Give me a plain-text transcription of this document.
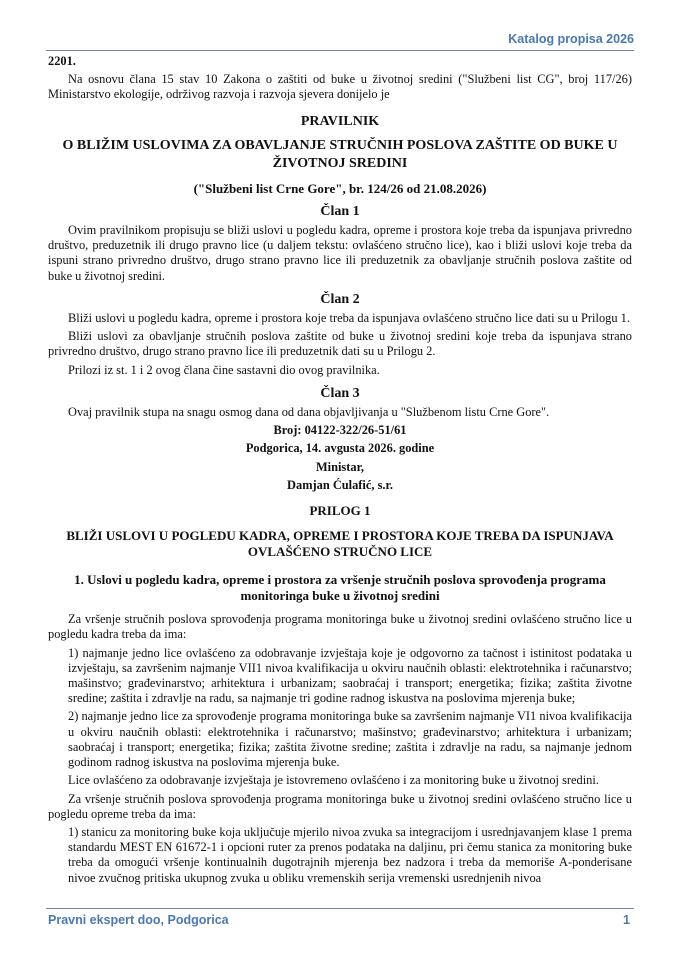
Katalog propisa 2026

2201.

Na osnovu člana 15 stav 10 Zakona o zaštiti od buke u životnoj sredini ("Službeni list CG", broj 117/26) Ministarstvo ekologije, održivog razvoja i razvoja sjevera donijelo je

PRAVILNIK

O BLIŽIM USLOVIMA ZA OBAVLJANJE STRUČNIH POSLOVA ZAŠTITE OD BUKE U ŽIVOTNOJ SREDINI

("Službeni list Crne Gore", br. 124/26 od 21.08.2026)

Član 1

Ovim pravilnikom propisuju se bliži uslovi u pogledu kadra, opreme i prostora koje treba da ispunjava privredno društvo, preduzetnik ili drugo pravno lice (u daljem tekstu: ovlašćeno stručno lice), kao i bliži uslovi koje treba da ispuni strano privredno društvo, drugo strano pravno lice ili preduzetnik za obavljanje stručnih poslova zaštite od buke u životnoj sredini.

Član 2

Bliži uslovi u pogledu kadra, opreme i prostora koje treba da ispunjava ovlašćeno stručno lice dati su u Prilogu 1.

Bliži uslovi za obavljanje stručnih poslova zaštite od buke u životnoj sredini koje treba da ispunjava strano privredno društvo, drugo strano pravno lice ili preduzetnik dati su u Prilogu 2.

Prilozi iz st. 1 i 2 ovog člana čine sastavni dio ovog pravilnika.

Član 3

Ovaj pravilnik stupa na snagu osmog dana od dana objavljivanja u "Službenom listu Crne Gore".

Broj: 04122-322/26-51/61

Podgorica, 14. avgusta 2026. godine

Ministar,

Damjan Ćulafić, s.r.

PRILOG 1

BLIŽI USLOVI U POGLEDU KADRA, OPREME I PROSTORA KOJE TREBA DA ISPUNJAVA OVLAŠĆENO STRUČNO LICE

1. Uslovi u pogledu kadra, opreme i prostora za vršenje stručnih poslova sprovođenja programa monitoringa buke u životnoj sredini

Za vršenje stručnih poslova sprovođenja programa monitoringa buke u životnoj sredini ovlašćeno stručno lice u pogledu kadra treba da ima:

1) najmanje jedno lice ovlašćeno za odobravanje izvještaja koje je odgovorno za tačnost i istinitost podataka u izvještaju, sa završenim najmanje VII1 nivoa kvalifikacija u okviru naučnih oblasti: elektrotehnika i računarstvo; mašinstvo; građevinarstvo; arhitektura i urbanizam; saobraćaj i transport; energetika; fizika; zaštita životne sredine; zaštita i zdravlje na radu, sa najmanje tri godine radnog iskustva na poslovima mjerenja buke;

2) najmanje jedno lice za sprovođenje programa monitoringa buke sa završenim najmanje VI1 nivoa kvalifikacija u okviru naučnih oblasti: elektrotehnika i računarstvo; mašinstvo; građevinarstvo; arhitektura i urbanizam; saobraćaj i transport; energetika; fizika; zaštita životne sredine; zaštita i zdravlje na radu, sa najmanje jednom godinom radnog iskustva na poslovima mjerenja buke.

Lice ovlašćeno za odobravanje izvještaja je istovremeno ovlašćeno i za monitoring buke u životnoj sredini.

Za vršenje stručnih poslova sprovođenja programa monitoringa buke u životnoj sredini ovlašćeno stručno lice u pogledu opreme treba da ima:

1) stanicu za monitoring buke koja uključuje mjerilo nivoa zvuka sa integracijom i usrednjavanjem klase 1 prema standardu MEST EN 61672-1 i opcioni ruter za prenos podataka na daljinu, pri čemu stanica za monitoring buke treba da omogući vršenje kontinualnih dugotrajnih mjerenja bez nadzora i treba da memoriše A-ponderisane nivoe zvučnog pritiska ukupnog zvuka u obliku vremenskih serija vremenski usrednjenih nivoa

Pravni ekspert doo, Podgorica	1
